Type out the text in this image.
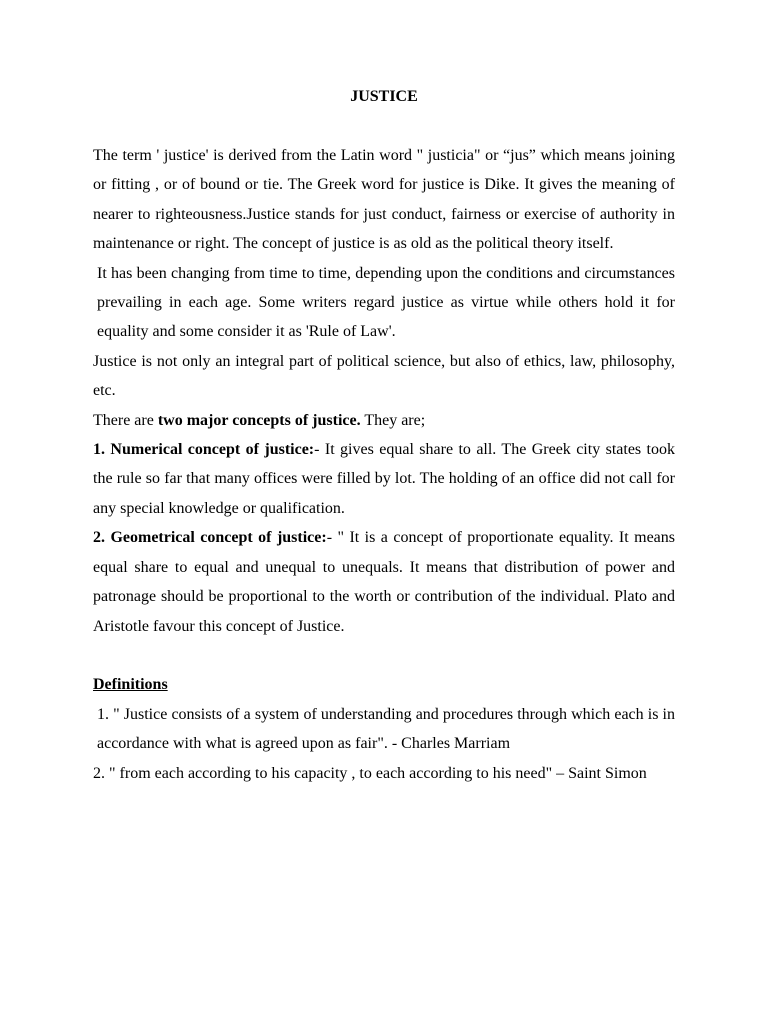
JUSTICE

The term ' justice' is derived from the Latin word " justicia" or “jus” which means joining or fitting , or of bound or tie. The Greek word for justice is Dike. It gives the meaning of nearer to righteousness.Justice stands for just conduct, fairness or exercise of authority in maintenance or right. The concept of justice is as old as the political theory itself.

It has been changing from time to time, depending upon the conditions and circumstances prevailing in each age. Some writers regard justice as virtue while others hold it for equality and some consider it as 'Rule of Law'.

Justice is not only an integral part of political science, but also of ethics, law, philosophy, etc.

There are two major concepts of justice. They are;

1. Numerical concept of justice:- It gives equal share to all. The Greek city states took the rule so far that many offices were filled by lot. The holding of an office did not call for any special knowledge or qualification.

2. Geometrical concept of justice:- " It is a concept of proportionate equality. It means equal share to equal and unequal to unequals. It means that distribution of power and patronage should be proportional to the worth or contribution of the individual. Plato and Aristotle favour this concept of Justice.

Definitions

1. " Justice consists of a system of understanding and procedures through which each is in accordance with what is agreed upon as fair". - Charles Marriam

2. " from each according to his capacity , to each according to his need" – Saint Simon
